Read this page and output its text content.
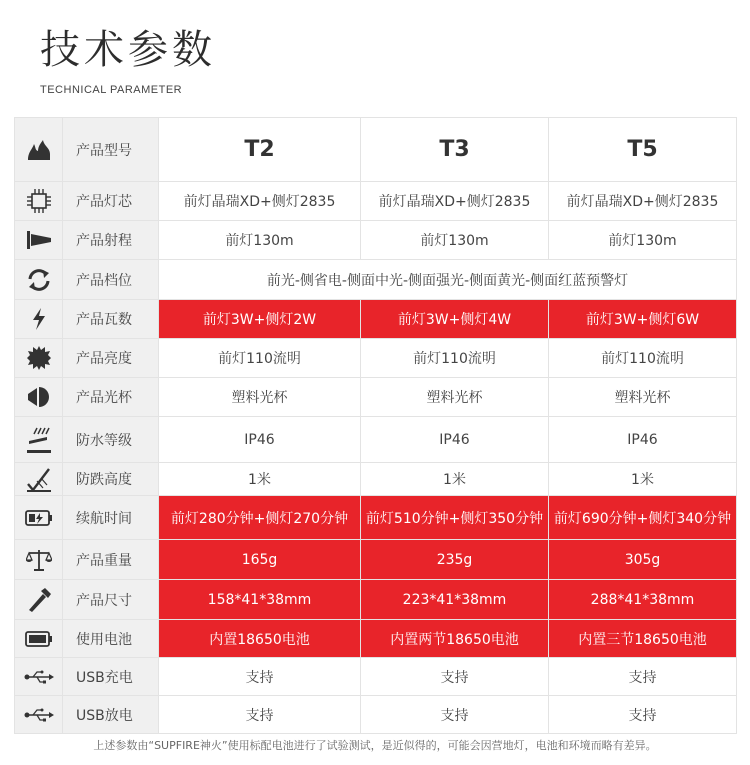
技术参数
TECHNICAL PARAMETER
	产品型号	T2	T3	T5
	产品灯芯	前灯晶瑞XD+侧灯2835	前灯晶瑞XD+侧灯2835	前灯晶瑞XD+侧灯2835
	产品射程	前灯130m	前灯130m	前灯130m
	产品档位	前光-侧省电-侧面中光-侧面强光-侧面黄光-侧面红蓝预警灯		
	产品瓦数	前灯3W+侧灯2W	前灯3W+侧灯4W	前灯3W+侧灯6W
	产品亮度	前灯110流明	前灯110流明	前灯110流明
	产品光杯	塑料光杯	塑料光杯	塑料光杯
	防水等级	IP46	IP46	IP46
	防跌高度	1米	1米	1米
	续航时间	前灯280分钟+侧灯270分钟	前灯510分钟+侧灯350分钟	前灯690分钟+侧灯340分钟
	产品重量	165g	235g	305g
	产品尺寸	158*41*38mm	223*41*38mm	288*41*38mm
	使用电池	内置18650电池	内置两节18650电池	内置三节18650电池
	USB充电	支持	支持	支持
	USB放电	支持	支持	支持
上述参数由“SUPFIRE神火”使用标配电池进行了试验测试，是近似得的，可能会因营地灯，电池和环境而略有差异。
